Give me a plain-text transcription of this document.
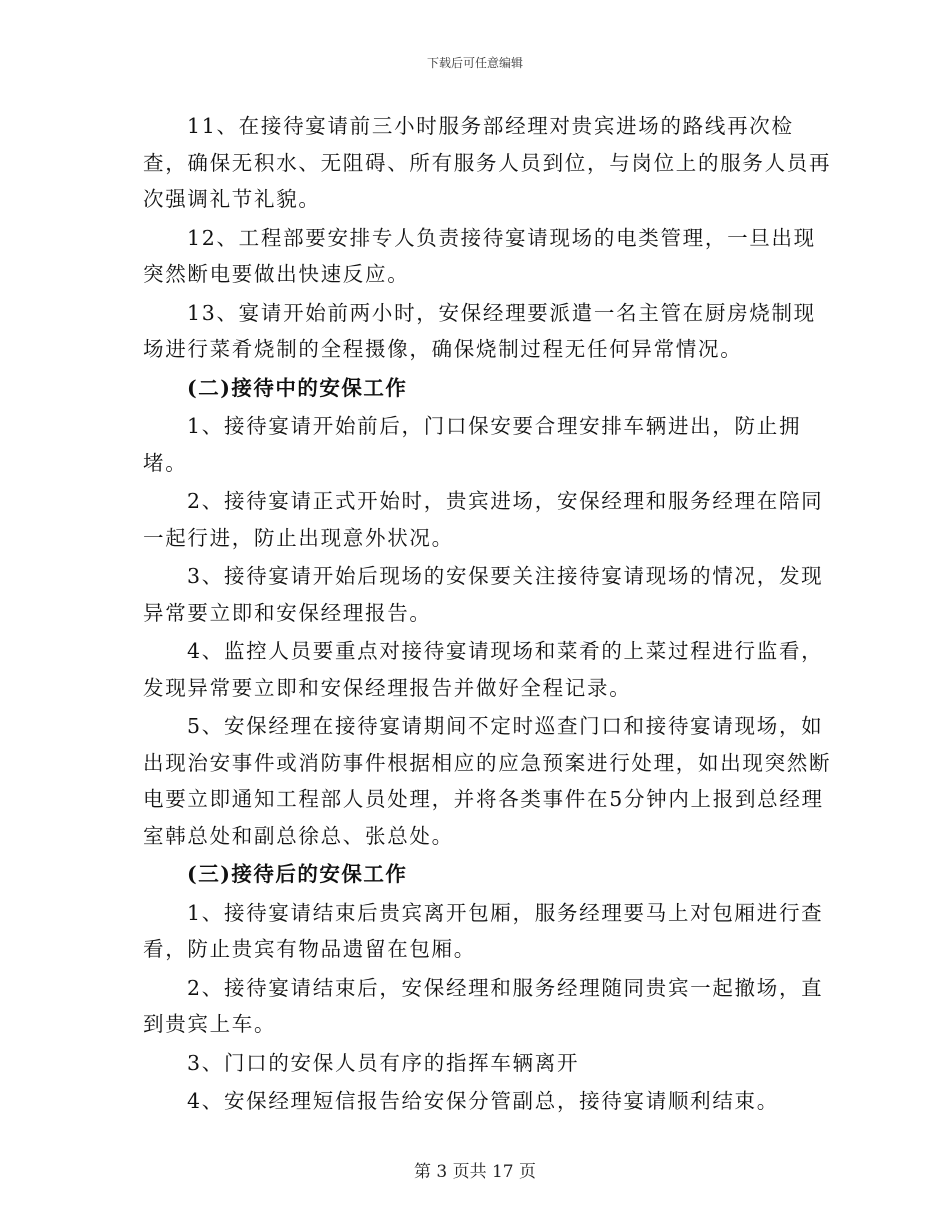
下载后可任意编辑

11、在接待宴请前三小时服务部经理对贵宾进场的路线再次检查，确保无积水、无阻碍、所有服务人员到位，与岗位上的服务人员再次强调礼节礼貌。

12、工程部要安排专人负责接待宴请现场的电类管理，一旦出现突然断电要做出快速反应。

13、宴请开始前两小时，安保经理要派遣一名主管在厨房烧制现场进行菜肴烧制的全程摄像，确保烧制过程无任何异常情况。

(二)接待中的安保工作

1、接待宴请开始前后，门口保安要合理安排车辆进出，防止拥堵。

2、接待宴请正式开始时，贵宾进场，安保经理和服务经理在陪同一起行进，防止出现意外状况。

3、接待宴请开始后现场的安保要关注接待宴请现场的情况，发现异常要立即和安保经理报告。

4、监控人员要重点对接待宴请现场和菜肴的上菜过程进行监看，发现异常要立即和安保经理报告并做好全程记录。

5、安保经理在接待宴请期间不定时巡查门口和接待宴请现场，如出现治安事件或消防事件根据相应的应急预案进行处理，如出现突然断电要立即通知工程部人员处理，并将各类事件在5分钟内上报到总经理室韩总处和副总徐总、张总处。

(三)接待后的安保工作

1、接待宴请结束后贵宾离开包厢，服务经理要马上对包厢进行查看，防止贵宾有物品遗留在包厢。

2、接待宴请结束后，安保经理和服务经理随同贵宾一起撤场，直到贵宾上车。

3、门口的安保人员有序的指挥车辆离开

4、安保经理短信报告给安保分管副总，接待宴请顺利结束。

第 3 页共 17 页
